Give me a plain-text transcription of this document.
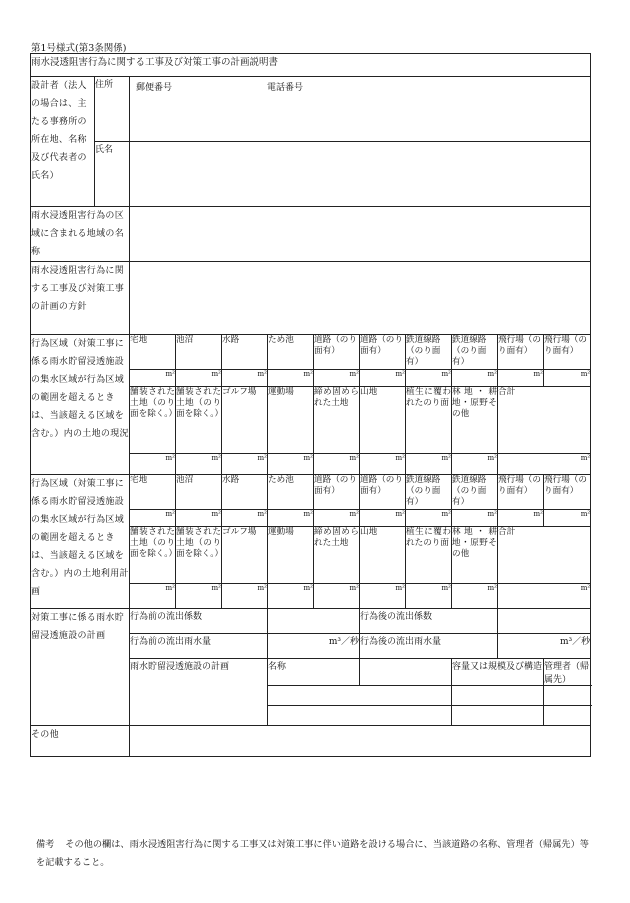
第1号様式(第3条関係)
雨水浸透阻害行為に関する工事及び対策工事の計画説明書											
設計者（法人の場合は、主たる事務所の所在地、名称及び代表者の氏名）	住所	郵便番号 電話番号									

	氏名										
雨水浸透阻害行為の区域に含まれる地域の名称											
雨水浸透阻害行為に関する工事及び対策工事の計画の方針											
行為区域（対策工事に係る雨水貯留浸透施設の集水区域が行為区域の範囲を超えるときは、当該超える区域を含む。）内の土地の現況		宅地	池沼	水路	ため池	道路（のり面有）	道路（のり面有）	鉄道線路（のり面有）	鉄道線路（のり面有）	飛行場（のり面有）	飛行場（のり面有）
		m²	m²	m²	m²	m²	m²	m²	m²	m²	m²
		舗装された土地（のり面を除く。）	舗装された土地（のり面を除く。）	ゴルフ場	運動場	締め固められた土地	山地	植生に覆われたのり面	林地・耕地・原野その他	合計	
		m²	m²	m²	m²	m²	m²	m²	m²	m²	
行為区域（対策工事に係る雨水貯留浸透施設の集水区域が行為区域の範囲を超えるときは、当該超える区域を含む。）内の土地利用計画		宅地	池沼	水路	ため池	道路（のり面有）	道路（のり面有）	鉄道線路（のり面有）	鉄道線路（のり面有）	飛行場（のり面有）	飛行場（のり面有）
		m²	m²	m²	m²	m²	m²	m²	m²	m²	m²
		舗装された土地（のり面を除く。）	舗装された土地（のり面を除く。）	ゴルフ場	運動場	締め固められた土地	山地	植生に覆われたのり面	林地・耕地・原野その他	合計	
		m²	m²	m²	m²	m²	m²	m²	m²	m²	
対策工事に係る雨水貯留浸透施設の計画		行為前の流出係数					行為後の流出係数				
		行為前の流出雨水量			m³／秒		行為後の流出雨水量			m³／秒	
		雨水貯留浸透施設の計画			名称				容量又は規模及び構造		管理者（帰属先）

その他											
備考 その他の欄は、雨水浸透阻害行為に関する工事又は対策工事に伴い道路を設ける場合に、当該道路の名称、管理者（帰属先）等を記載すること。
